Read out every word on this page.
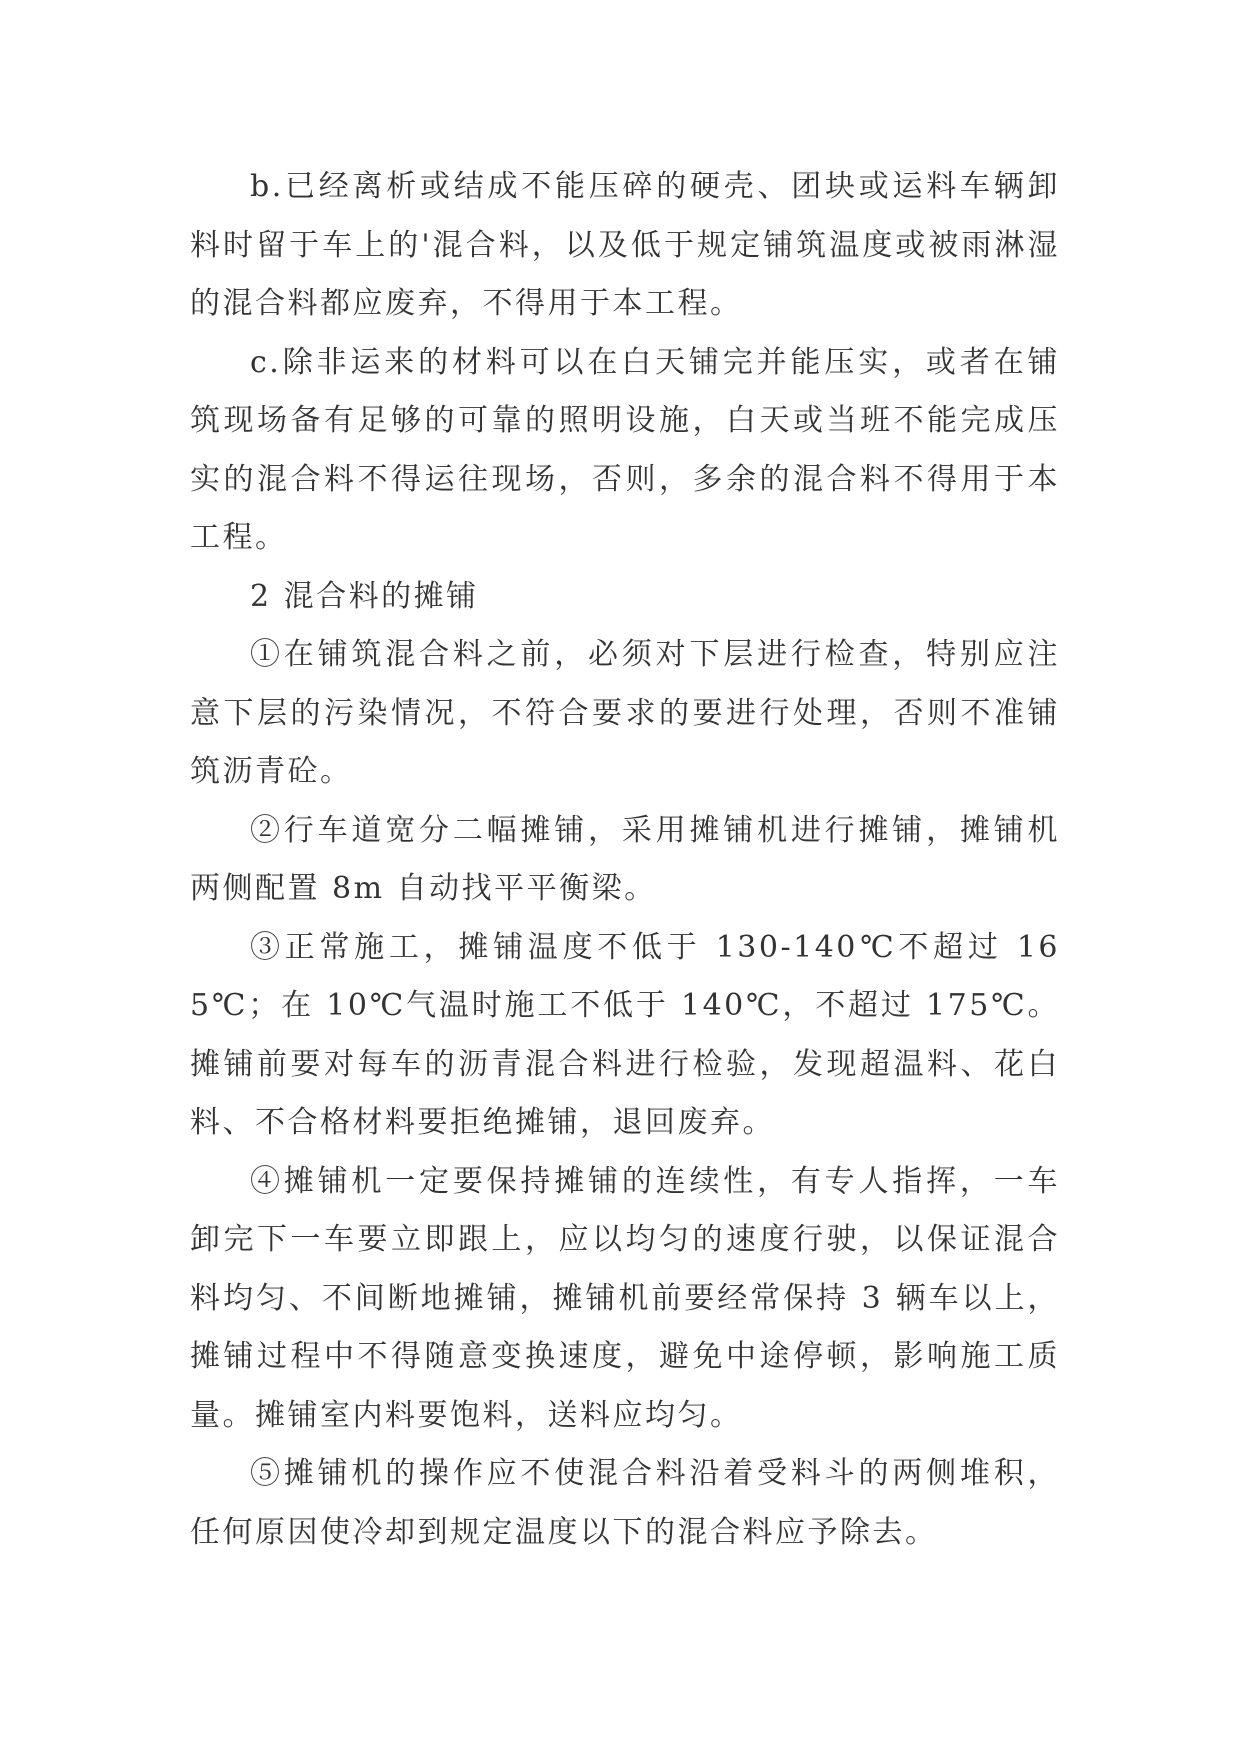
b.已经离析或结成不能压碎的硬壳、团块或运料车辆卸料时留于车上的'混合料，以及低于规定铺筑温度或被雨淋湿的混合料都应废弃，不得用于本工程。

c.除非运来的材料可以在白天铺完并能压实，或者在铺筑现场备有足够的可靠的照明设施，白天或当班不能完成压实的混合料不得运往现场，否则，多余的混合料不得用于本工程。

2 混合料的摊铺

①在铺筑混合料之前，必须对下层进行检查，特别应注意下层的污染情况，不符合要求的要进行处理，否则不准铺筑沥青砼。

②行车道宽分二幅摊铺，采用摊铺机进行摊铺，摊铺机两侧配置 8m 自动找平平衡梁。

③正常施工，摊铺温度不低于 130-140℃不超过 165℃；在 10℃气温时施工不低于 140℃，不超过 175℃。摊铺前要对每车的沥青混合料进行检验，发现超温料、花白料、不合格材料要拒绝摊铺，退回废弃。

④摊铺机一定要保持摊铺的连续性，有专人指挥，一车卸完下一车要立即跟上，应以均匀的速度行驶，以保证混合料均匀、不间断地摊铺，摊铺机前要经常保持 3 辆车以上，摊铺过程中不得随意变换速度，避免中途停顿，影响施工质量。摊铺室内料要饱料，送料应均匀。

⑤摊铺机的操作应不使混合料沿着受料斗的两侧堆积，任何原因使冷却到规定温度以下的混合料应予除去。
